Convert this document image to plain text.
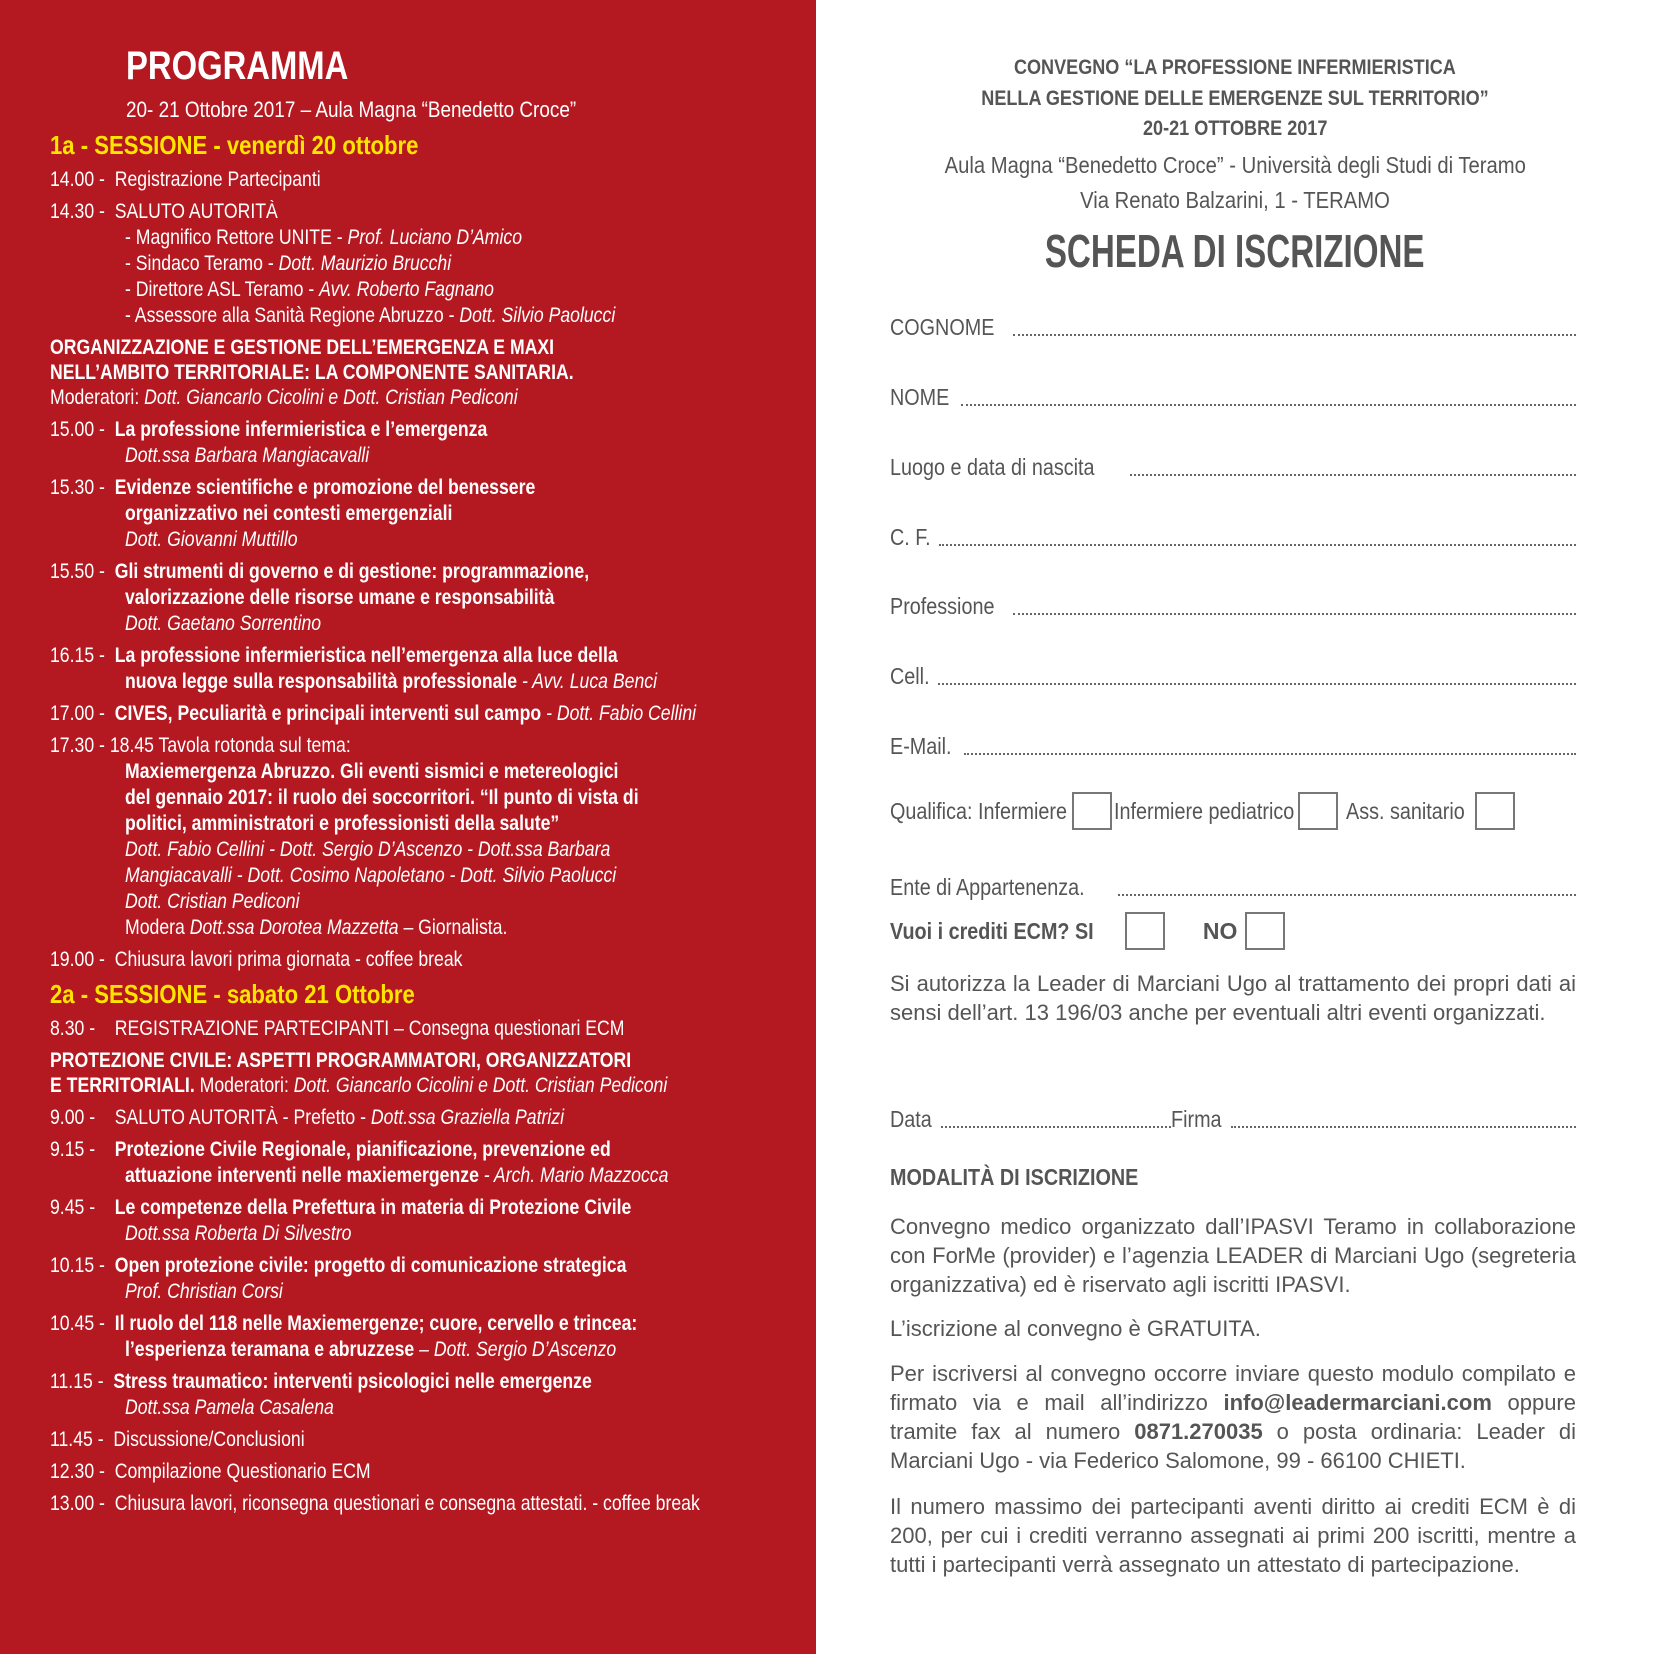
PROGRAMMA
20- 21 Ottobre 2017 – Aula Magna “Benedetto Croce”
1a - SESSIONE - venerdì 20 ottobre
14.00 - Registrazione Partecipanti
14.30 - SALUTO AUTORITÀ
- Magnifico Rettore UNITE - Prof. Luciano D’Amico
- Sindaco Teramo - Dott. Maurizio Brucchi
- Direttore ASL Teramo - Avv. Roberto Fagnano
- Assessore alla Sanità Regione Abruzzo - Dott. Silvio Paolucci
ORGANIZZAZIONE E GESTIONE DELL’EMERGENZA E MAXI
NELL’AMBITO TERRITORIALE: LA COMPONENTE SANITARIA.
Moderatori: Dott. Giancarlo Cicolini e Dott. Cristian Pediconi
15.00 - La professione infermieristica e l’emergenza
Dott.ssa Barbara Mangiacavalli
15.30 - Evidenze scientifiche e promozione del benessere
organizzativo nei contesti emergenziali
Dott. Giovanni Muttillo
15.50 - Gli strumenti di governo e di gestione: programmazione,
valorizzazione delle risorse umane e responsabilità
Dott. Gaetano Sorrentino
16.15 - La professione infermieristica nell’emergenza alla luce della
nuova legge sulla responsabilità professionale - Avv. Luca Benci
17.00 - CIVES, Peculiarità e principali interventi sul campo - Dott. Fabio Cellini
17.30 - 18.45 Tavola rotonda sul tema:
Maxiemergenza Abruzzo. Gli eventi sismici e metereologici
del gennaio 2017: il ruolo dei soccorritori. “Il punto di vista di
politici, amministratori e professionisti della salute”
Dott. Fabio Cellini - Dott. Sergio D’Ascenzo - Dott.ssa Barbara
Mangiacavalli - Dott. Cosimo Napoletano - Dott. Silvio Paolucci
Dott. Cristian Pediconi
Modera Dott.ssa Dorotea Mazzetta – Giornalista.
19.00 - Chiusura lavori prima giornata - coffee break
2a - SESSIONE - sabato 21 Ottobre
8.30 - REGISTRAZIONE PARTECIPANTI – Consegna questionari ECM
PROTEZIONE CIVILE: ASPETTI PROGRAMMATORI, ORGANIZZATORI
E TERRITORIALI. Moderatori: Dott. Giancarlo Cicolini e Dott. Cristian Pediconi
9.00 - SALUTO AUTORITÀ - Prefetto - Dott.ssa Graziella Patrizi
9.15 - Protezione Civile Regionale, pianificazione, prevenzione ed
attuazione interventi nelle maxiemergenze - Arch. Mario Mazzocca
9.45 - Le competenze della Prefettura in materia di Protezione Civile
Dott.ssa Roberta Di Silvestro
10.15 - Open protezione civile: progetto di comunicazione strategica
Prof. Christian Corsi
10.45 - Il ruolo del 118 nelle Maxiemergenze; cuore, cervello e trincea:
l’esperienza teramana e abruzzese – Dott. Sergio D’Ascenzo
11.15 - Stress traumatico: interventi psicologici nelle emergenze
Dott.ssa Pamela Casalena
11.45 - Discussione/Conclusioni
12.30 - Compilazione Questionario ECM
13.00 - Chiusura lavori, riconsegna questionari e consegna attestati. - coffee break
CONVEGNO “LA PROFESSIONE INFERMIERISTICA
NELLA GESTIONE DELLE EMERGENZE SUL TERRITORIO”
20-21 OTTOBRE 2017
Aula Magna “Benedetto Croce” - Università degli Studi di Teramo
Via Renato Balzarini, 1 - TERAMO
SCHEDA DI ISCRIZIONE
COGNOME
NOME
Luogo e data di nascita
C. F.
Professione
Cell.
E-Mail.
Qualifica: Infermiere Infermiere pediatrico Ass. sanitario
Ente di Appartenenza.
Vuoi i crediti ECM? SI	NO
Si autorizza la Leader di Marciani Ugo al trattamento dei propri dati ai sensi dell’art. 13 196/03 anche per eventuali altri eventi organizzati.
Data	Firma
MODALITÀ DI ISCRIZIONE
Convegno medico organizzato dall’IPASVI Teramo in collaborazione con ForMe (provider) e l’agenzia LEADER di Marciani Ugo (segreteria organizzativa) ed è riservato agli iscritti IPASVI.
L’iscrizione al convegno è GRATUITA.
Per iscriversi al convegno occorre inviare questo modulo compilato e firmato via e mail all’indirizzo info@leadermarciani.com oppure tramite fax al numero 0871.270035 o posta ordinaria: Leader di Marciani Ugo - via Federico Salomone, 99 - 66100 CHIETI.
Il numero massimo dei partecipanti aventi diritto ai crediti ECM è di 200, per cui i crediti verranno assegnati ai primi 200 iscritti, mentre a tutti i partecipanti verrà assegnato un attestato di partecipazione.
